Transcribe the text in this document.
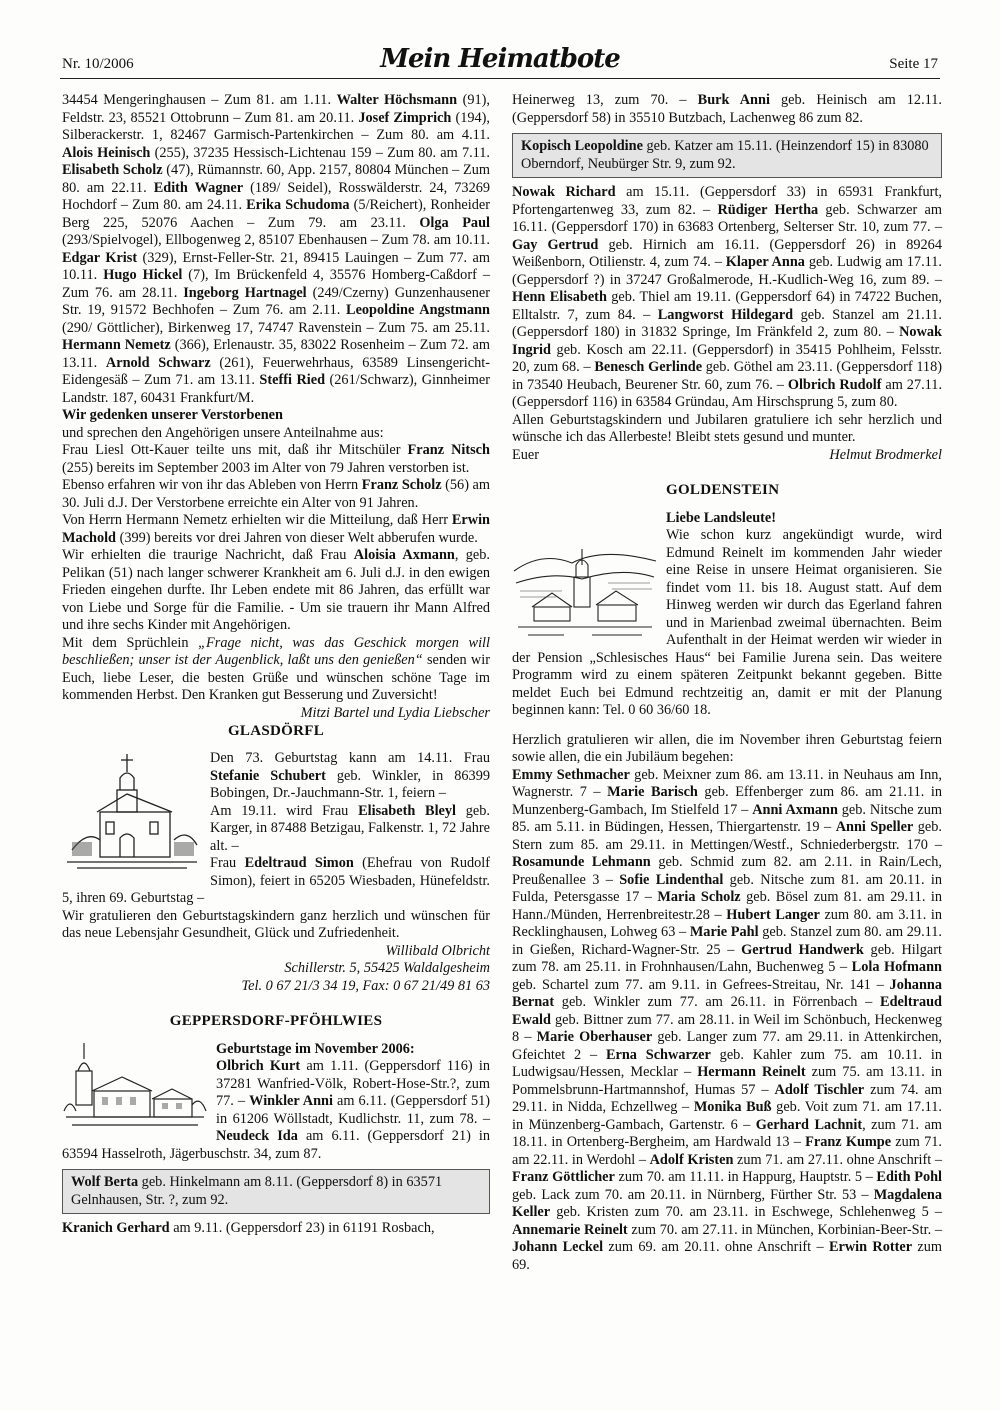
Nr. 10/2006	Mein Heimatbote	Seite 17

34454 Mengeringhausen – Zum 81. am 1.11. Walter Höchsmann (91), Feldstr. 23, 85521 Ottobrunn – Zum 81. am 20.11. Josef Zimprich (194), Silberackerstr. 1, 82467 Garmisch-Partenkirchen – Zum 80. am 4.11. Alois Heinisch (255), 37235 Hessisch-Lichtenau 159 – Zum 80. am 7.11. Elisabeth Scholz (47), Rümannstr. 60, App. 2157, 80804 München – Zum 80. am 22.11. Edith Wagner (189/ Seidel), Rosswälderstr. 24, 73269 Hochdorf – Zum 80. am 24.11. Erika Schudoma (5/Reichert), Ronheider Berg 225, 52076 Aachen – Zum 79. am 23.11. Olga Paul (293/Spielvogel), Ellbogenweg 2, 85107 Ebenhausen – Zum 78. am 10.11. Edgar Krist (329), Ernst-Feller-Str. 21, 89415 Lauingen – Zum 77. am 10.11. Hugo Hickel (7), Im Brückenfeld 4, 35576 Homberg-Caßdorf – Zum 76. am 28.11. Ingeborg Hartnagel (249/Czerny) Gunzenhausener Str. 19, 91572 Bechhofen – Zum 76. am 2.11. Leopoldine Angstmann (290/ Göttlicher), Birkenweg 17, 74747 Ravenstein – Zum 75. am 25.11. Hermann Nemetz (366), Erlenaustr. 35, 83022 Rosenheim – Zum 72. am 13.11. Arnold Schwarz (261), Feuerwehrhaus, 63589 Linsengericht-Eidengesäß – Zum 71. am 13.11. Steffi Ried (261/Schwarz), Ginnheimer Landstr. 187, 60431 Frankfurt/M.

Wir gedenken unserer Verstorbenen

und sprechen den Angehörigen unsere Anteilnahme aus:

Frau Liesl Ott-Kauer teilte uns mit, daß ihr Mitschüler Franz Nitsch (255) bereits im September 2003 im Alter von 79 Jahren verstorben ist.

Ebenso erfahren wir von ihr das Ableben von Herrn Franz Scholz (56) am 30. Juli d.J. Der Verstorbene erreichte ein Alter von 91 Jahren.

Von Herrn Hermann Nemetz erhielten wir die Mitteilung, daß Herr Erwin Machold (399) bereits vor drei Jahren von dieser Welt abberufen wurde.

Wir erhielten die traurige Nachricht, daß Frau Aloisia Axmann, geb. Pelikan (51) nach langer schwerer Krankheit am 6. Juli d.J. in den ewigen Frieden eingehen durfte. Ihr Leben endete mit 86 Jahren, das erfüllt war von Liebe und Sorge für die Familie. - Um sie trauern ihr Mann Alfred und ihre sechs Kinder mit Angehörigen.

Mit dem Sprüchlein „Frage nicht, was das Geschick morgen will beschließen; unser ist der Augenblick, laßt uns den genießen“ senden wir Euch, liebe Leser, die besten Grüße und wünschen schöne Tage im kommenden Herbst. Den Kranken gut Besserung und Zuversicht!
Mitzi Bartel und Lydia Liebscher

GLASDÖRFL

Den 73. Geburtstag kann am 14.11. Frau Stefanie Schubert geb. Winkler, in 86399 Bobingen, Dr.-Jauchmann-Str. 1, feiern –
Am 19.11. wird Frau Elisabeth Bleyl geb. Karger, in 87488 Betzigau, Falkenstr. 1, 72 Jahre alt. –
Frau Edeltraud Simon (Ehefrau von Rudolf Simon), feiert in 65205 Wiesbaden, Hünefeldstr. 5, ihren 69. Geburtstag –

Wir gratulieren den Geburtstagskindern ganz herzlich und wünschen für das neue Lebensjahr Gesundheit, Glück und Zufriedenheit.

Willibald Olbricht

Schillerstr. 5, 55425 Waldalgesheim

Tel. 0 67 21/3 34 19, Fax: 0 67 21/49 81 63

GEPPERSDORF-PFÖHLWIES

Geburtstage im November 2006:

Olbrich Kurt am 1.11. (Geppersdorf 116) in 37281 Wanfried-Völk, Robert-Hose-Str.?, zum 77. – Winkler Anni am 6.11. (Geppersdorf 51) in 61206 Wöllstadt, Kudlichstr. 11, zum 78. – Neudeck Ida am 6.11. (Geppersdorf 21) in 63594 Hasselroth, Jägerbuschstr. 34, zum 87.

Wolf Berta geb. Hinkelmann am 8.11. (Geppersdorf 8) in 63571 Gelnhausen, Str. ?, zum 92.

Kranich Gerhard am 9.11. (Geppersdorf 23) in 61191 Rosbach,

Heinerweg 13, zum 70. – Burk Anni geb. Heinisch am 12.11. (Geppersdorf 58) in 35510 Butzbach, Lachenweg 86 zum 82.

Kopisch Leopoldine geb. Katzer am 15.11. (Heinzendorf 15) in 83080 Oberndorf, Neubürger Str. 9, zum 92.

Nowak Richard am 15.11. (Geppersdorf 33) in 65931 Frankfurt, Pfortengartenweg 33, zum 82. – Rüdiger Hertha geb. Schwarzer am 16.11. (Geppersdorf 170) in 63683 Ortenberg, Selterser Str. 10, zum 77. – Gay Gertrud geb. Hirnich am 16.11. (Geppersdorf 26) in 89264 Weißenborn, Otilienstr. 4, zum 74. – Klaper Anna geb. Ludwig am 17.11. (Geppersdorf ?) in 37247 Großalmerode, H.-Kudlich-Weg 16, zum 89. – Henn Elisabeth geb. Thiel am 19.11. (Geppersdorf 64) in 74722 Buchen, Elltalstr. 7, zum 84. – Langworst Hildegard geb. Stanzel am 21.11. (Geppersdorf 180) in 31832 Springe, Im Fränkfeld 2, zum 80. – Nowak Ingrid geb. Kosch am 22.11. (Geppersdorf) in 35415 Pohlheim, Felsstr. 20, zum 68. – Benesch Gerlinde geb. Göthel am 23.11. (Geppersdorf 118) in 73540 Heubach, Beurener Str. 60, zum 76. – Olbrich Rudolf am 27.11. (Geppersdorf 116) in 63584 Gründau, Am Hirschsprung 5, zum 80.

Allen Geburtstagskindern und Jubilaren gratuliere ich sehr herzlich und wünsche ich das Allerbeste! Bleibt stets gesund und munter.

Euer	Helmut Brodmerkel
GOLDENSTEIN

Liebe Landsleute!

Wie schon kurz angekündigt wurde, wird Edmund Reinelt im kommenden Jahr wieder eine Reise in unsere Heimat organisieren. Sie findet vom 11. bis 18. August statt. Auf dem Hinweg werden wir durch das Egerland fahren und in Marienbad zweimal übernachten. Beim Aufenthalt in der Heimat werden wir wieder in der Pension „Schlesisches Haus“ bei Familie Jurena sein. Das weitere Programm wird zu einem späteren Zeitpunkt bekannt gegeben. Bitte meldet Euch bei Edmund rechtzeitig an, damit er mit der Planung beginnen kann: Tel. 0 60 36/60 18.

Herzlich gratulieren wir allen, die im November ihren Geburtstag feiern sowie allen, die ein Jubiläum begehen:

Emmy Sethmacher geb. Meixner zum 86. am 13.11. in Neuhaus am Inn, Wagnerstr. 7 – Marie Barisch geb. Effenberger zum 86. am 21.11. in Munzenberg-Gambach, Im Stielfeld 17 – Anni Axmann geb. Nitsche zum 85. am 5.11. in Büdingen, Hessen, Thiergartenstr. 19 – Anni Speller geb. Stern zum 85. am 29.11. in Mettingen/Westf., Schniederbergstr. 170 – Rosamunde Lehmann geb. Schmid zum 82. am 2.11. in Rain/Lech, Preußenallee 3 – Sofie Lindenthal geb. Nitsche zum 81. am 20.11. in Fulda, Petersgasse 17 – Maria Scholz geb. Bösel zum 81. am 29.11. in Hann./Münden, Herrenbreitestr.28 – Hubert Langer zum 80. am 3.11. in Recklinghausen, Lohweg 63 – Marie Pahl geb. Stanzel zum 80. am 29.11. in Gießen, Richard-Wagner-Str. 25 – Gertrud Handwerk geb. Hilgart zum 78. am 25.11. in Frohnhausen/Lahn, Buchenweg 5 – Lola Hofmann geb. Schartel zum 77. am 9.11. in Gefrees-Streitau, Nr. 141 – Johanna Bernat geb. Winkler zum 77. am 26.11. in Förrenbach – Edeltraud Ewald geb. Bittner zum 77. am 28.11. in Weil im Schönbuch, Heckenweg 8 – Marie Oberhauser geb. Langer zum 77. am 29.11. in Attenkirchen, Gfeichtet 2 – Erna Schwarzer geb. Kahler zum 75. am 10.11. in Ludwigsau/Hessen, Mecklar – Hermann Reinelt zum 75. am 13.11. in Pommelsbrunn-Hartmannshof, Humas 57 – Adolf Tischler zum 74. am 29.11. in Nidda, Echzellweg – Monika Buß geb. Voit zum 71. am 17.11. in Münzenberg-Gambach, Gartenstr. 6 – Gerhard Lachnit, zum 71. am 18.11. in Ortenberg-Bergheim, am Hardwald 13 – Franz Kumpe zum 71. am 22.11. in Werdohl – Adolf Kristen zum 71. am 27.11. ohne Anschrift – Franz Göttlicher zum 70. am 11.11. in Happurg, Hauptstr. 5 – Edith Pohl geb. Lack zum 70. am 20.11. in Nürnberg, Fürther Str. 53 – Magdalena Keller geb. Kristen zum 70. am 23.11. in Eschwege, Schlehenweg 5 – Annemarie Reinelt zum 70. am 27.11. in München, Korbinian-Beer-Str. – Johann Leckel zum 69. am 20.11. ohne Anschrift – Erwin Rotter zum 69.
